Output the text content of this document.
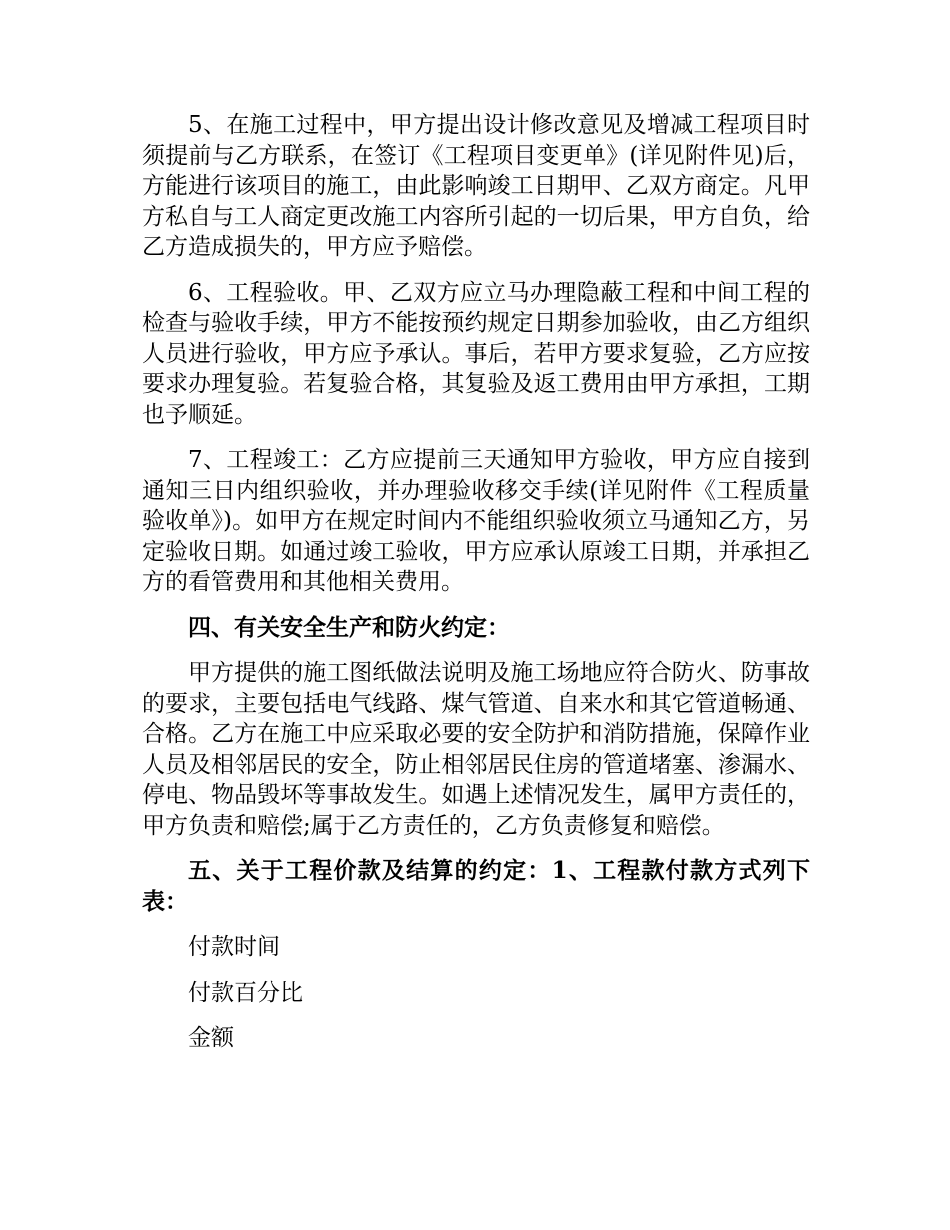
5、在施工过程中，甲方提出设计修改意见及增减工程项目时须提前与乙方联系，在签订《工程项目变更单》(详见附件见)后，方能进行该项目的施工，由此影响竣工日期甲、乙双方商定。凡甲方私自与工人商定更改施工内容所引起的一切后果，甲方自负，给乙方造成损失的，甲方应予赔偿。

6、工程验收。甲、乙双方应立马办理隐蔽工程和中间工程的检查与验收手续，甲方不能按预约规定日期参加验收，由乙方组织人员进行验收，甲方应予承认。事后，若甲方要求复验，乙方应按要求办理复验。若复验合格，其复验及返工费用由甲方承担，工期也予顺延。

7、工程竣工：乙方应提前三天通知甲方验收，甲方应自接到通知三日内组织验收，并办理验收移交手续(详见附件《工程质量验收单》)。如甲方在规定时间内不能组织验收须立马通知乙方，另定验收日期。如通过竣工验收，甲方应承认原竣工日期，并承担乙方的看管费用和其他相关费用。

四、有关安全生产和防火约定：

甲方提供的施工图纸做法说明及施工场地应符合防火、防事故的要求，主要包括电气线路、煤气管道、自来水和其它管道畅通、合格。乙方在施工中应采取必要的安全防护和消防措施，保障作业人员及相邻居民的安全，防止相邻居民住房的管道堵塞、渗漏水、停电、物品毁坏等事故发生。如遇上述情况发生，属甲方责任的，甲方负责和赔偿;属于乙方责任的，乙方负责修复和赔偿。

五、关于工程价款及结算的约定：1、工程款付款方式列下表：

付款时间

付款百分比

金额
